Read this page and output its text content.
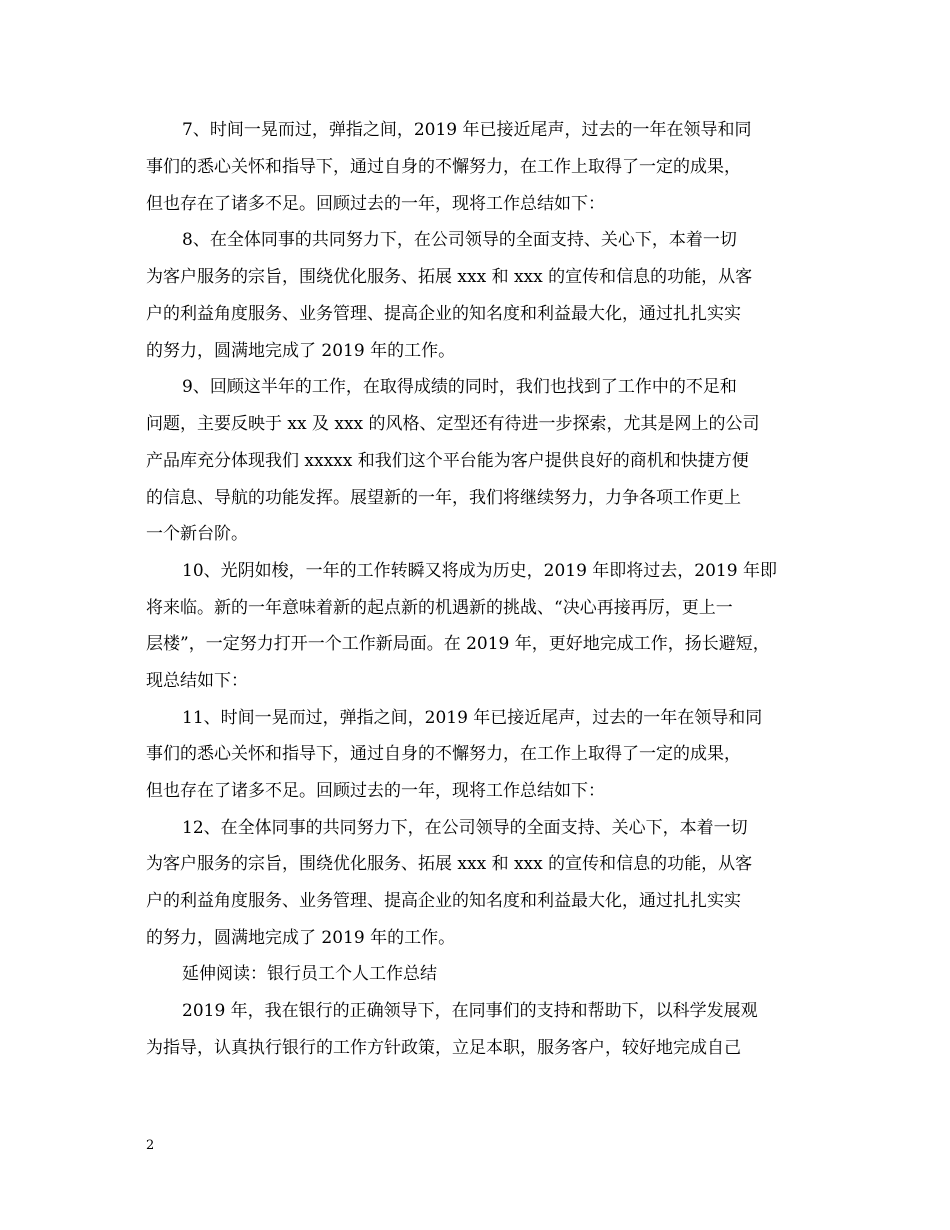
7、时间一晃而过，弹指之间，2019 年已接近尾声，过去的一年在领导和同
事们的悉心关怀和指导下，通过自身的不懈努力，在工作上取得了一定的成果，
但也存在了诸多不足。回顾过去的一年，现将工作总结如下：
8、在全体同事的共同努力下，在公司领导的全面支持、关心下，本着一切
为客户服务的宗旨，围绕优化服务、拓展 xxx 和 xxx 的宣传和信息的功能，从客
户的利益角度服务、业务管理、提高企业的知名度和利益最大化，通过扎扎实实
的努力，圆满地完成了 2019 年的工作。
9、回顾这半年的工作，在取得成绩的同时，我们也找到了工作中的不足和
问题，主要反映于 xx 及 xxx 的风格、定型还有待进一步探索，尤其是网上的公司
产品库充分体现我们 xxxxx 和我们这个平台能为客户提供良好的商机和快捷方便
的信息、导航的功能发挥。展望新的一年，我们将继续努力，力争各项工作更上
一个新台阶。
10、光阴如梭，一年的工作转瞬又将成为历史，2019 年即将过去，2019 年即
将来临。新的一年意味着新的起点新的机遇新的挑战、“决心再接再厉，更上一
层楼”，一定努力打开一个工作新局面。在 2019 年，更好地完成工作，扬长避短，
现总结如下：
11、时间一晃而过，弹指之间，2019 年已接近尾声，过去的一年在领导和同
事们的悉心关怀和指导下，通过自身的不懈努力，在工作上取得了一定的成果，
但也存在了诸多不足。回顾过去的一年，现将工作总结如下：
12、在全体同事的共同努力下，在公司领导的全面支持、关心下，本着一切
为客户服务的宗旨，围绕优化服务、拓展 xxx 和 xxx 的宣传和信息的功能，从客
户的利益角度服务、业务管理、提高企业的知名度和利益最大化，通过扎扎实实
的努力，圆满地完成了 2019 年的工作。
延伸阅读：银行员工个人工作总结
2019 年，我在银行的正确领导下，在同事们的支持和帮助下，以科学发展观
为指导，认真执行银行的工作方针政策，立足本职，服务客户，较好地完成自己
2
